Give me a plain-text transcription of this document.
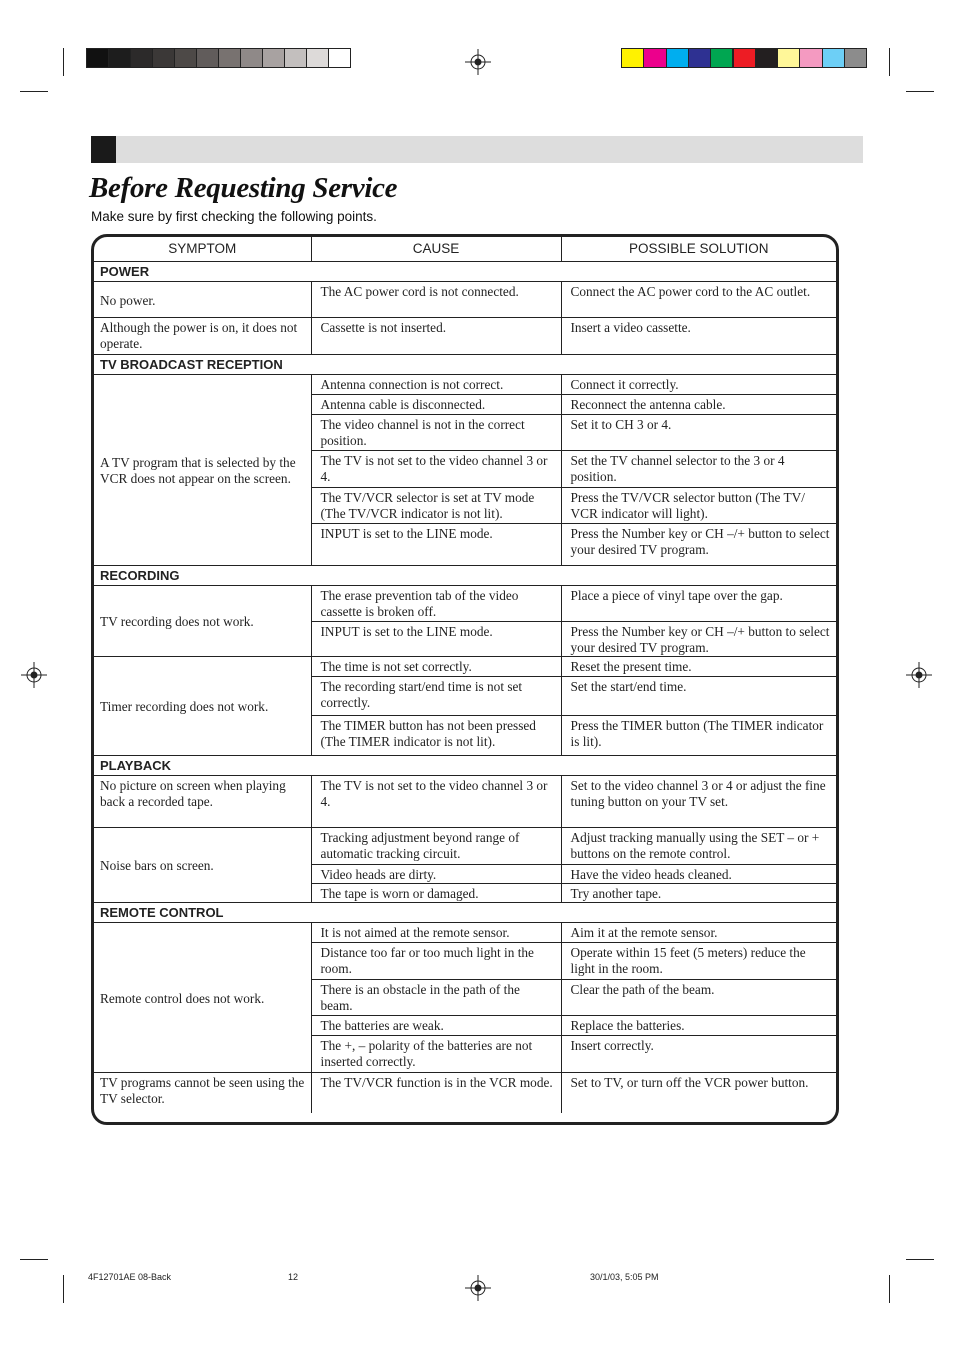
Before Requesting Service
Make sure by first checking the following points.
SYMPTOM	CAUSE	POSSIBLE SOLUTION
POWER		
No power.	The AC power cord is not connected.	Connect the AC power cord to the AC outlet.
Although the power is on, it does not operate.	Cassette is not inserted.	Insert a video cassette.
TV BROADCAST RECEPTION		
A TV program that is selected by the VCR does not appear on the screen.	Antenna connection is not correct.	Connect it correctly.
	Antenna cable is disconnected.	Reconnect the antenna cable.
	The video channel is not in the correct position.	Set it to CH 3 or 4.
	The TV is not set to the video channel 3 or 4.	Set the TV channel selector to the 3 or 4 position.
	The TV/VCR selector is set at TV mode (The TV/VCR indicator is not lit).	Press the TV/VCR selector button (The TV/ VCR indicator will light).
	INPUT is set to the LINE mode.	Press the Number key or CH –/+ button to select your desired TV program.
RECORDING		
TV recording does not work.	The erase prevention tab of the video cassette is broken off.	Place a piece of vinyl tape over the gap.
	INPUT is set to the LINE mode.	Press the Number key or CH –/+ button to select your desired TV program.
Timer recording does not work.	The time is not set correctly.	Reset the present time.
	The recording start/end time is not set correctly.	Set the start/end time.
	The TIMER button has not been pressed (The TIMER indicator is not lit).	Press the TIMER button (The TIMER indicator is lit).
PLAYBACK		
No picture on screen when playing back a recorded tape.	The TV is not set to the video channel 3 or 4.	Set to the video channel 3 or 4 or adjust the fine tuning button on your TV set.
Noise bars on screen.	Tracking adjustment beyond range of automatic tracking circuit.	Adjust tracking manually using the SET – or + buttons on the remote control.
	Video heads are dirty.	Have the video heads cleaned.
	The tape is worn or damaged.	Try another tape.
REMOTE CONTROL		
Remote control does not work.	It is not aimed at the remote sensor.	Aim it at the remote sensor.
	Distance too far or too much light in the room.	Operate within 15 feet (5 meters) reduce the light in the room.
	There is an obstacle in the path of the beam.	Clear the path of the beam.
	The batteries are weak.	Replace the batteries.
	The +, – polarity of the batteries are not inserted correctly.	Insert correctly.
TV programs cannot be seen using the TV selector.	The TV/VCR function is in the VCR mode.	Set to TV, or turn off the VCR power button.
4F12701AE 08-Back	12	30/1/03, 5:05 PM
